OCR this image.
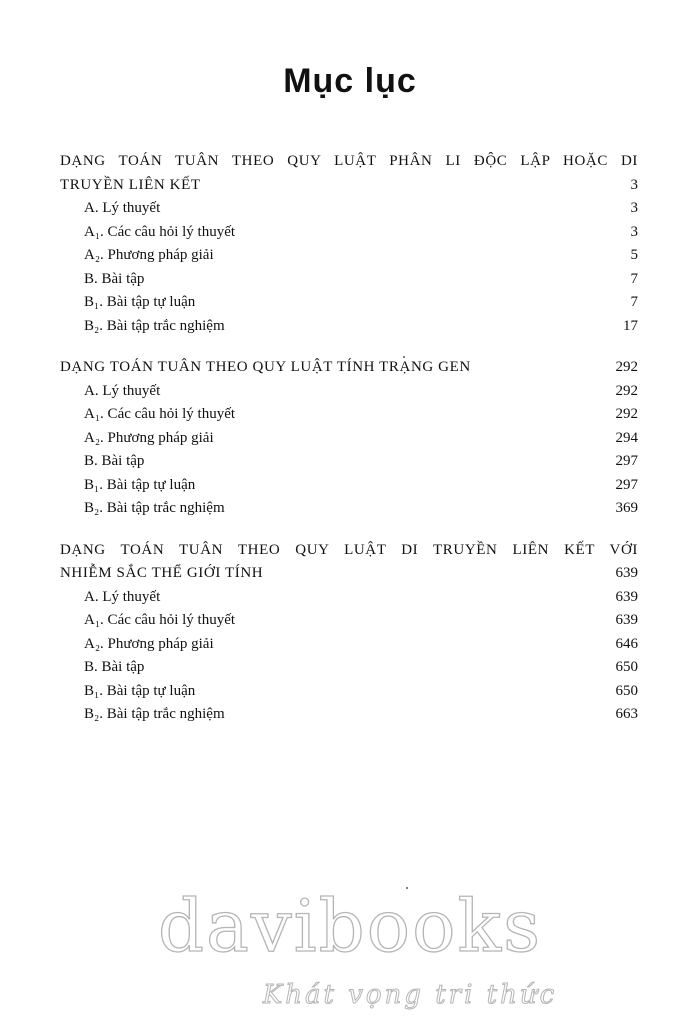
Mục lục
DẠNG TOÁN TUÂN THEO QUY LUẬT PHÂN LI ĐỘC LẬP HOẶC DI
TRUYỀN LIÊN KẾT	3
A. Lý thuyết	3
A₁. Các câu hỏi lý thuyết	3
A₂. Phương pháp giải	5
B. Bài tập	7
B₁. Bài tập tự luận	7
B₂. Bài tập trắc nghiệm	17
DẠNG TOÁN TUÂN THEO QUY LUẬT TÍNH TRẠNG GEN	292
A. Lý thuyết	292
A₁. Các câu hỏi lý thuyết	292
A₂. Phương pháp giải	294
B. Bài tập	297
B₁. Bài tập tự luận	297
B₂. Bài tập trắc nghiệm	369
DẠNG TOÁN TUÂN THEO QUY LUẬT DI TRUYỀN LIÊN KẾT VỚI
NHIỄM SẮC THỂ GIỚI TÍNH	639
A. Lý thuyết	639
A₁. Các câu hỏi lý thuyết	639
A₂. Phương pháp giải	646
B. Bài tập	650
B₁. Bài tập tự luận	650
B₂. Bài tập trắc nghiệm	663
davibooks
Khát vọng tri thức
